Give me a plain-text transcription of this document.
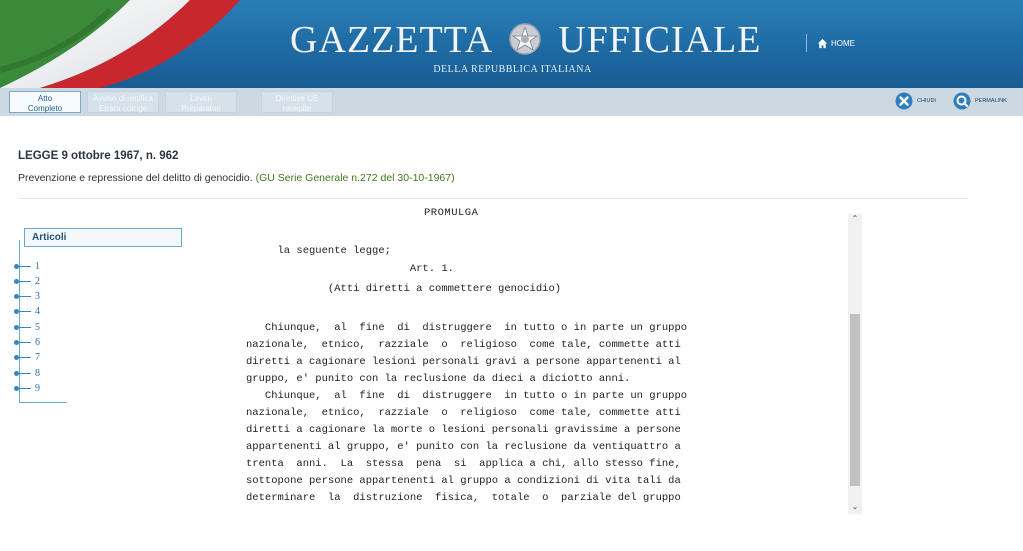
GAZZETTA UFFICIALE
DELLA REPUBBLICA ITALIANA
HOME
Atto
Completo
Avviso di rettifica
Errata corrige
Lavori
Preparatori
Direttive UE
recepite
CHIUDI	PERMALINK
LEGGE 9 ottobre 1967, n. 962
Prevenzione e repressione del delitto di genocidio. (GU Serie Generale n.272 del 30-10-1967)
Articoli
1
2
3
4
5
6
7
8
9
PROMULGA
la seguente legge;
Art. 1.
(Atti diretti a commettere genocidio)
Chiunque,  al  fine  di  distruggere  in tutto o in parte un gruppo
nazionale,  etnico,  razziale  o  religioso  come tale, commette atti
diretti a cagionare lesioni personali gravi a persone appartenenti al
gruppo, e' punito con la reclusione da dieci a diciotto anni.
Chiunque,  al  fine  di  distruggere  in tutto o in parte un gruppo
nazionale,  etnico,  razziale  o  religioso  come tale, commette atti
diretti a cagionare la morte o lesioni personali gravissime a persone
appartenenti al gruppo, e' punito con la reclusione da ventiquattro a
trenta  anni.  La  stessa  pena  si  applica a chi, allo stesso fine,
sottopone persone appartenenti al gruppo a condizioni di vita tali da
determinare  la  distruzione  fisica,  totale  o  parziale del gruppo
⌃
⌄
